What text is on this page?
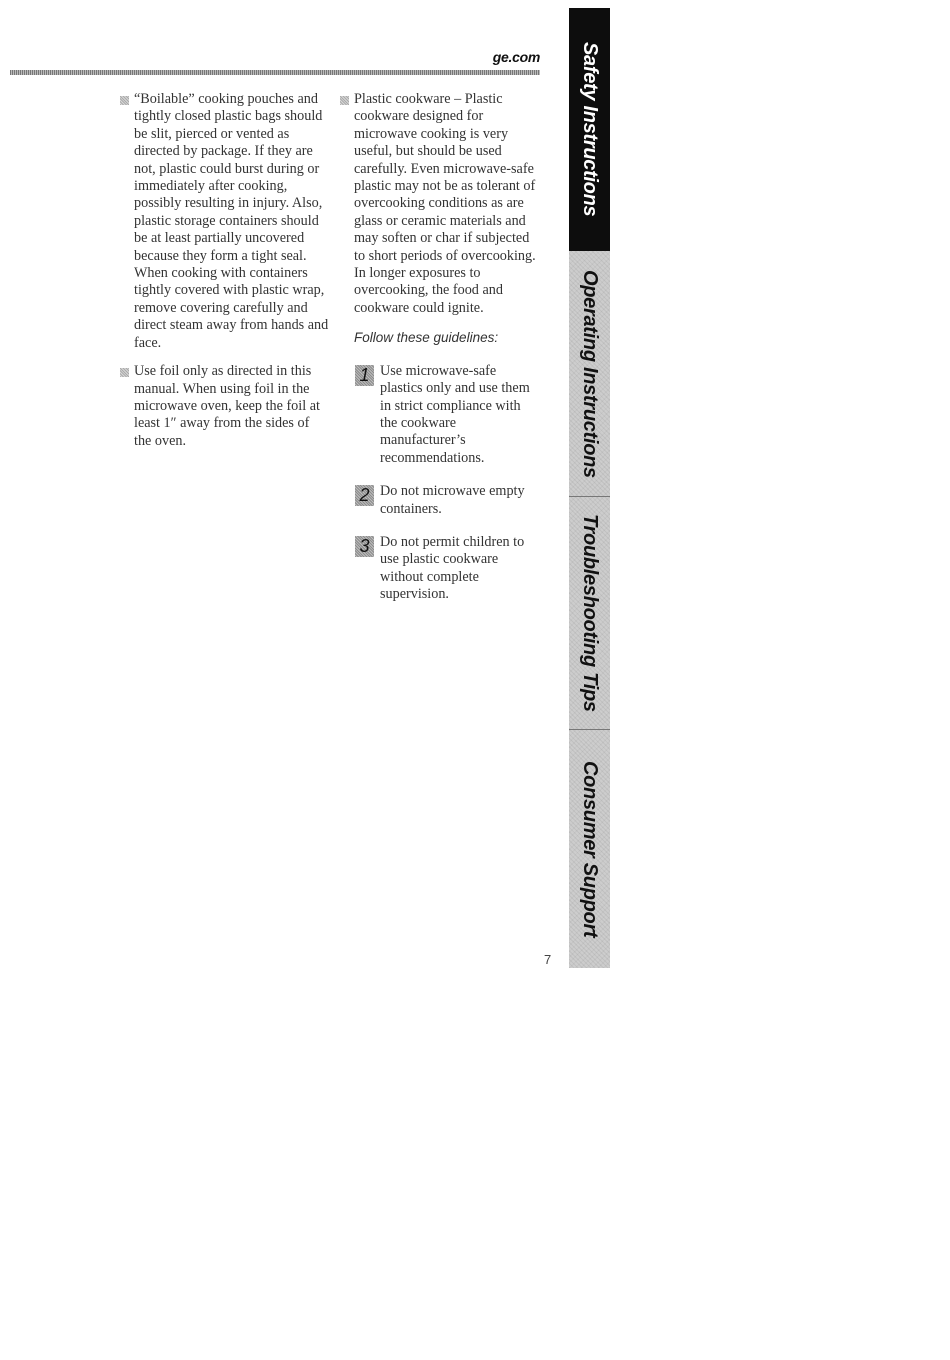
ge.com
“Boilable” cooking pouches and tightly closed plastic bags should be slit, pierced or vented as directed by package. If they are not, plastic could burst during or immediately after cooking, possibly resulting in injury. Also, plastic storage containers should be at least partially uncovered because they form a tight seal. When cooking with containers tightly covered with plastic wrap, remove covering carefully and direct steam away from hands and face.
Use foil only as directed in this manual. When using foil in the microwave oven, keep the foil at least 1″ away from the sides of the oven.
Plastic cookware – Plastic cookware designed for microwave cooking is very useful, but should be used carefully. Even microwave-safe plastic may not be as tolerant of overcooking conditions as are glass or ceramic materials and may soften or char if subjected to short periods of overcooking. In longer exposures to overcooking, the food and cookware could ignite.
Follow these guidelines:
1 Use microwave-safe plastics only and use them in strict compliance with the cookware manufacturer’s recommendations.
2 Do not microwave empty containers.
3 Do not permit children to use plastic cookware without complete supervision.
7
Safety Instructions
Operating Instructions
Troubleshooting Tips
Consumer Support
